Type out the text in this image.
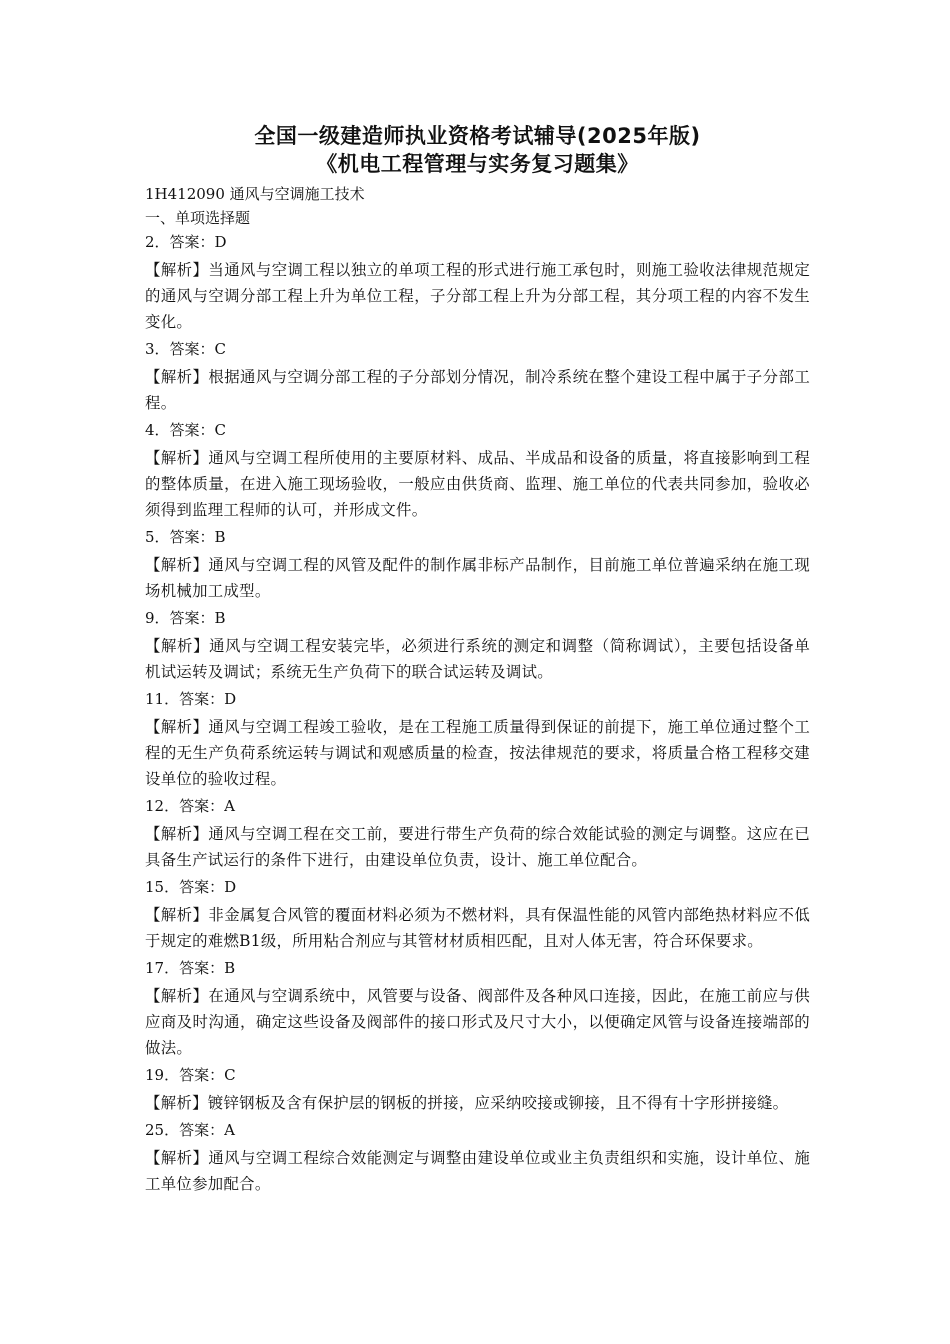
全国一级建造师执业资格考试辅导(2025年版)

《机电工程管理与实务复习题集》

1H412090 通风与空调施工技术

一、单项选择题

2．答案：D

【解析】当通风与空调工程以独立的单项工程的形式进行施工承包时，则施工验收法律规范规定的通风与空调分部工程上升为单位工程，子分部工程上升为分部工程，其分项工程的内容不发生变化。

3．答案：C

【解析】根据通风与空调分部工程的子分部划分情况，制冷系统在整个建设工程中属于子分部工程。

4．答案：C

【解析】通风与空调工程所使用的主要原材料、成品、半成品和设备的质量，将直接影响到工程的整体质量，在进入施工现场验收，一般应由供货商、监理、施工单位的代表共同参加，验收必须得到监理工程师的认可，并形成文件。

5．答案：B

【解析】通风与空调工程的风管及配件的制作属非标产品制作，目前施工单位普遍采纳在施工现场机械加工成型。

9．答案：B

【解析】通风与空调工程安装完毕，必须进行系统的测定和调整（简称调试），主要包括设备单机试运转及调试；系统无生产负荷下的联合试运转及调试。

11．答案：D

【解析】通风与空调工程竣工验收，是在工程施工质量得到保证的前提下，施工单位通过整个工程的无生产负荷系统运转与调试和观感质量的检查，按法律规范的要求，将质量合格工程移交建设单位的验收过程。

12．答案：A

【解析】通风与空调工程在交工前，要进行带生产负荷的综合效能试验的测定与调整。这应在已具备生产试运行的条件下进行，由建设单位负责，设计、施工单位配合。

15．答案：D

【解析】非金属复合风管的覆面材料必须为不燃材料，具有保温性能的风管内部绝热材料应不低于规定的难燃B1级，所用粘合剂应与其管材材质相匹配，且对人体无害，符合环保要求。

17．答案：B

【解析】在通风与空调系统中，风管要与设备、阀部件及各种风口连接，因此，在施工前应与供应商及时沟通，确定这些设备及阀部件的接口形式及尺寸大小，以便确定风管与设备连接端部的做法。

19．答案：C

【解析】镀锌钢板及含有保护层的钢板的拼接，应采纳咬接或铆接，且不得有十字形拼接缝。

25．答案：A

【解析】通风与空调工程综合效能测定与调整由建设单位或业主负责组织和实施，设计单位、施工单位参加配合。
